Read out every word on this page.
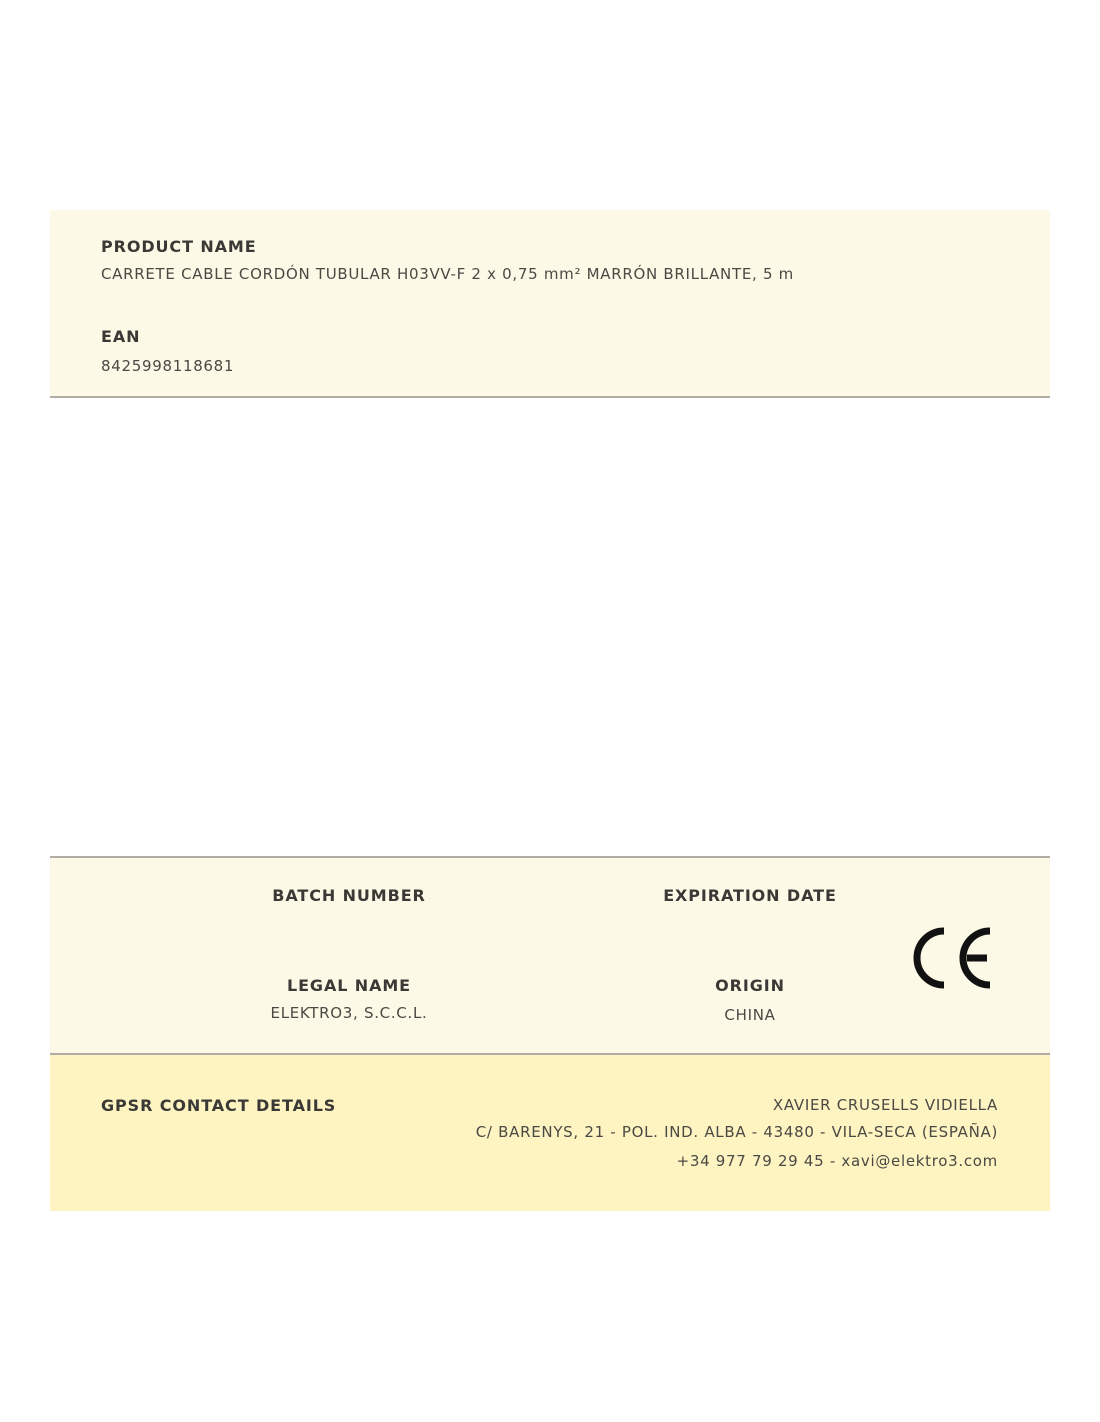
PRODUCT NAME
CARRETE CABLE CORDÓN TUBULAR H03VV-F 2 x 0,75 mm² MARRÓN BRILLANTE, 5 m
EAN
8425998118681
BATCH NUMBER	EXPIRATION DATE
LEGAL NAME
ELEKTRO3, S.C.C.L.
ORIGIN
CHINA
GPSR CONTACT DETAILS	XAVIER CRUSELLS VIDIELLA
C/ BARENYS, 21 - POL. IND. ALBA - 43480 - VILA-SECA (ESPAÑA)
+34 977 79 29 45 - xavi@elektro3.com
